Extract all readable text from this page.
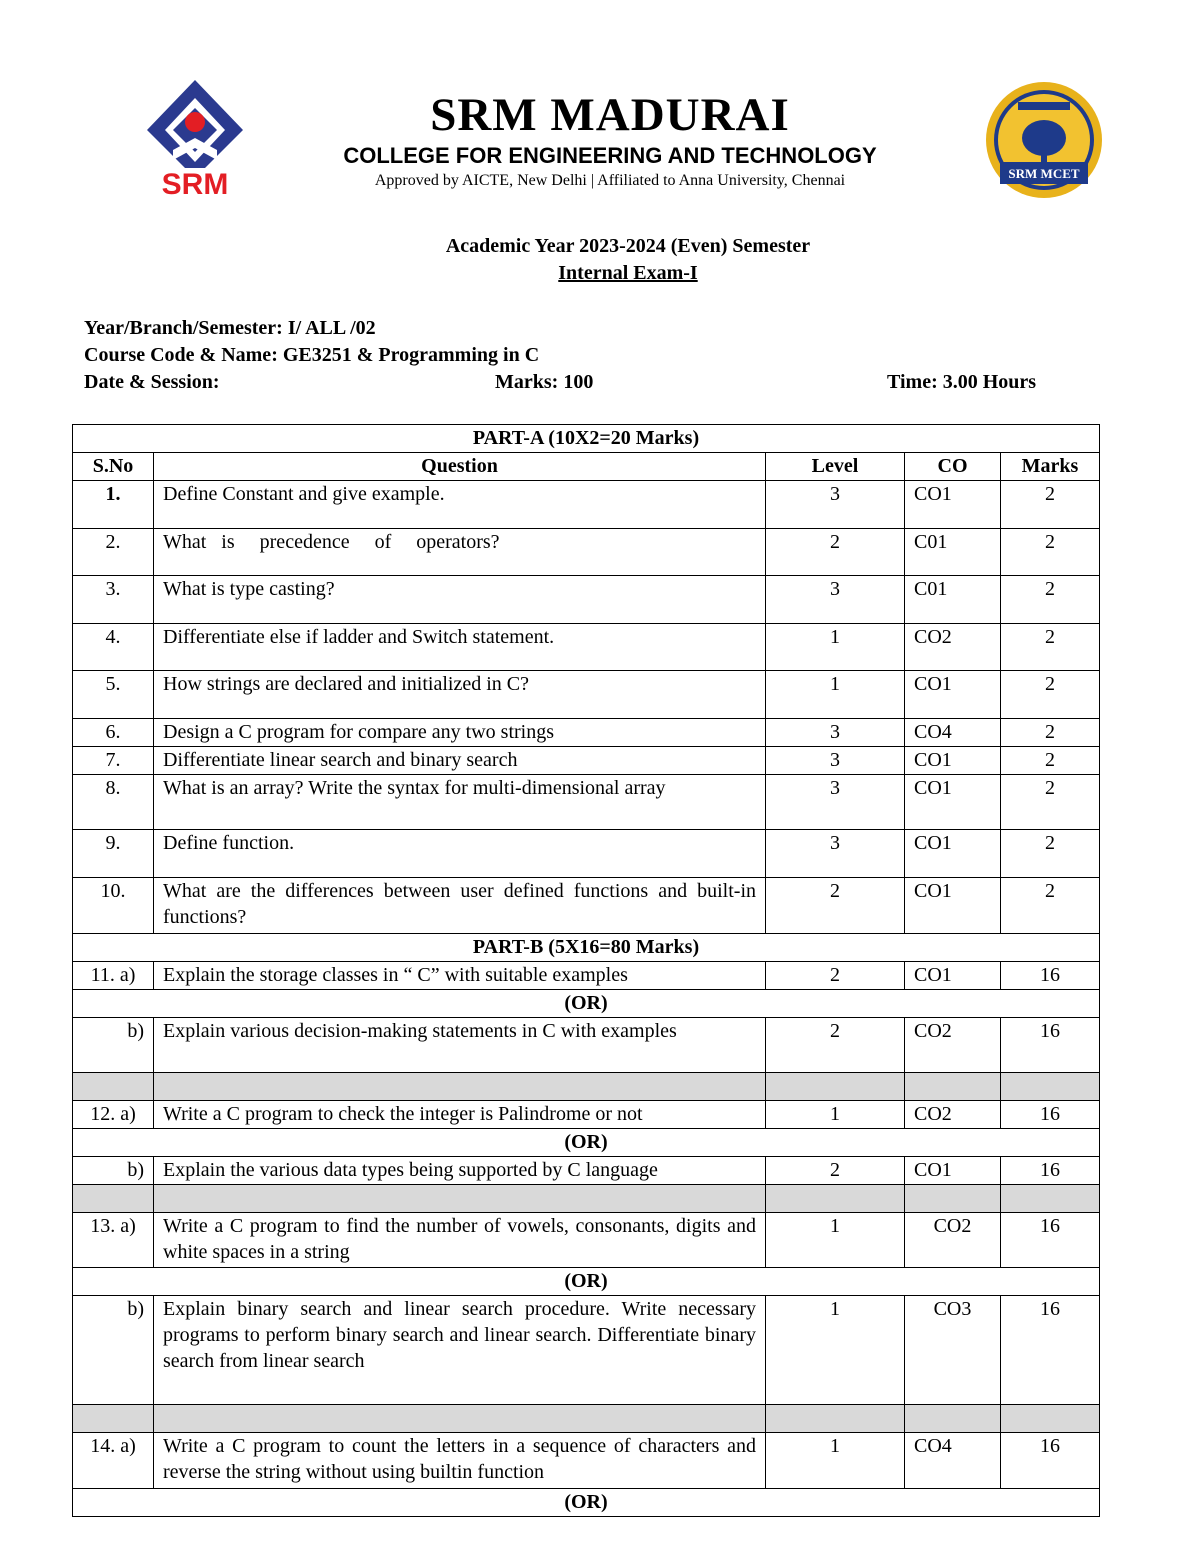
SRM	SRM MCET
SRM MADURAI
COLLEGE FOR ENGINEERING AND TECHNOLOGY
Approved by AICTE, New Delhi | Affiliated to Anna University, Chennai
Academic Year 2023-2024 (Even) Semester
Internal Exam-I
Year/Branch/Semester: I/ ALL /02
Course Code & Name: GE3251 & Programming in C
Date & Session:	Marks: 100	Time: 3.00 Hours
PART-A (10X2=20 Marks)				
S.No	Question	Level	CO	Marks
1.	Define Constant and give example.	3	CO1	2
2.	What   is     precedence     of     operators?	2	C01	2
3.	What is type casting?	3	C01	2
4.	Differentiate else if ladder and Switch statement.	1	CO2	2
5.	How strings are declared and initialized in C?	1	CO1	2
6.	Design a C program for compare any two strings	3	CO4	2
7.	Differentiate linear search and binary search	3	CO1	2
8.	What is an array? Write the syntax for multi-dimensional array	3	CO1	2
9.	Define function.	3	CO1	2
10.	What are the differences between user defined functions and built-in functions?	2	CO1	2
PART-B (5X16=80 Marks)				
11. a)	Explain the storage classes in “ C” with suitable examples	2	CO1	16
(OR)				
b)	Explain various decision-making statements in C with examples	2	CO2	16

12. a)	Write a C program to check the integer is Palindrome or not	1	CO2	16
(OR)				
b)	Explain the various data types being supported by C language	2	CO1	16

13. a)	Write a C program to find the number of vowels, consonants, digits and white spaces in a string	1	CO2	16
(OR)				
b)	Explain binary search and linear search procedure. Write necessary programs to perform binary search and linear search. Differentiate binary search from linear search	1	CO3	16

14. a)	Write a C program to count the letters in a sequence of characters and reverse the string without using builtin function	1	CO4	16
(OR)				
